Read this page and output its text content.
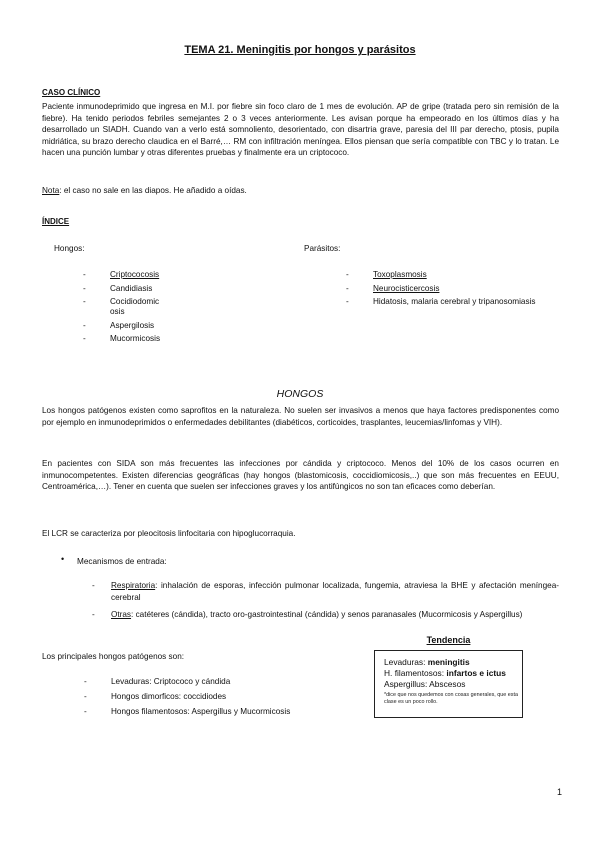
TEMA 21. Meningitis por hongos y parásitos
CASO CLÍNICO
Paciente inmunodeprimido que ingresa en M.I. por fiebre sin foco claro de 1 mes de evolución. AP de gripe (tratada pero sin remisión de la fiebre). Ha tenido periodos febriles semejantes 2 o 3 veces anteriormente. Les avisan porque ha empeorado en los últimos días y ha desarrollado un SIADH. Cuando van a verlo está somnoliento, desorientado, con disartria grave, paresia del III par derecho, ptosis, pupila midriática, su brazo derecho claudica en el Barré,… RM con infiltración meníngea. Ellos piensan que sería compatible con TBC y lo tratan. Le hacen una punción lumbar y otras diferentes pruebas y finalmente era un criptococo.
Nota: el caso no sale en las diapos. He añadido a oídas.
ÍNDICE
Hongos:	Parásitos:
- Criptococosis
- Candidiasis
- Cocidiodomic osis
- Aspergilosis
- Mucormicosis
- Toxoplasmosis
- Neurocisticercosis
- Hidatosis, malaria cerebral y tripanosomiasis
HONGOS
Los hongos patógenos existen como saprofitos en la naturaleza. No suelen ser invasivos a menos que haya factores predisponentes como por ejemplo en inmunodeprimidos o enfermedades debilitantes (diabéticos, corticoides, trasplantes, leucemias/linfomas y VIH).
En pacientes con SIDA son más frecuentes las infecciones por cándida y criptococo. Menos del 10% de los casos ocurren en inmunocompetentes. Existen diferencias geográficas (hay hongos (blastomicosis, coccidiomicosis,..) que son más frecuentes en EEUU, Centroamérica,…). Tener en cuenta que suelen ser infecciones graves y los antifúngicos no son tan eficaces como deberían.
El LCR se caracteriza por pleocitosis linfocitaria con hipoglucorraquia.
• Mecanismos de entrada:
- Respiratoria: inhalación de esporas, infección pulmonar localizada, fungemia, atraviesa la BHE y afectación meníngea- cerebral
- Otras: catéteres (cándida), tracto oro-gastrointestinal (cándida) y senos paranasales (Mucormicosis y Aspergillus)
Los principales hongos patógenos son:
- Levaduras: Criptococo y cándida
- Hongos dimorficos: coccidiodes
- Hongos filamentosos: Aspergillus y Mucormicosis
Tendencia
Levaduras: meningitis
H. filamentosos: infartos e ictus
Aspergillus: Abscesos
*dice que nos quedemos con cosas generales, que esta clase es un poco rollo.
1
